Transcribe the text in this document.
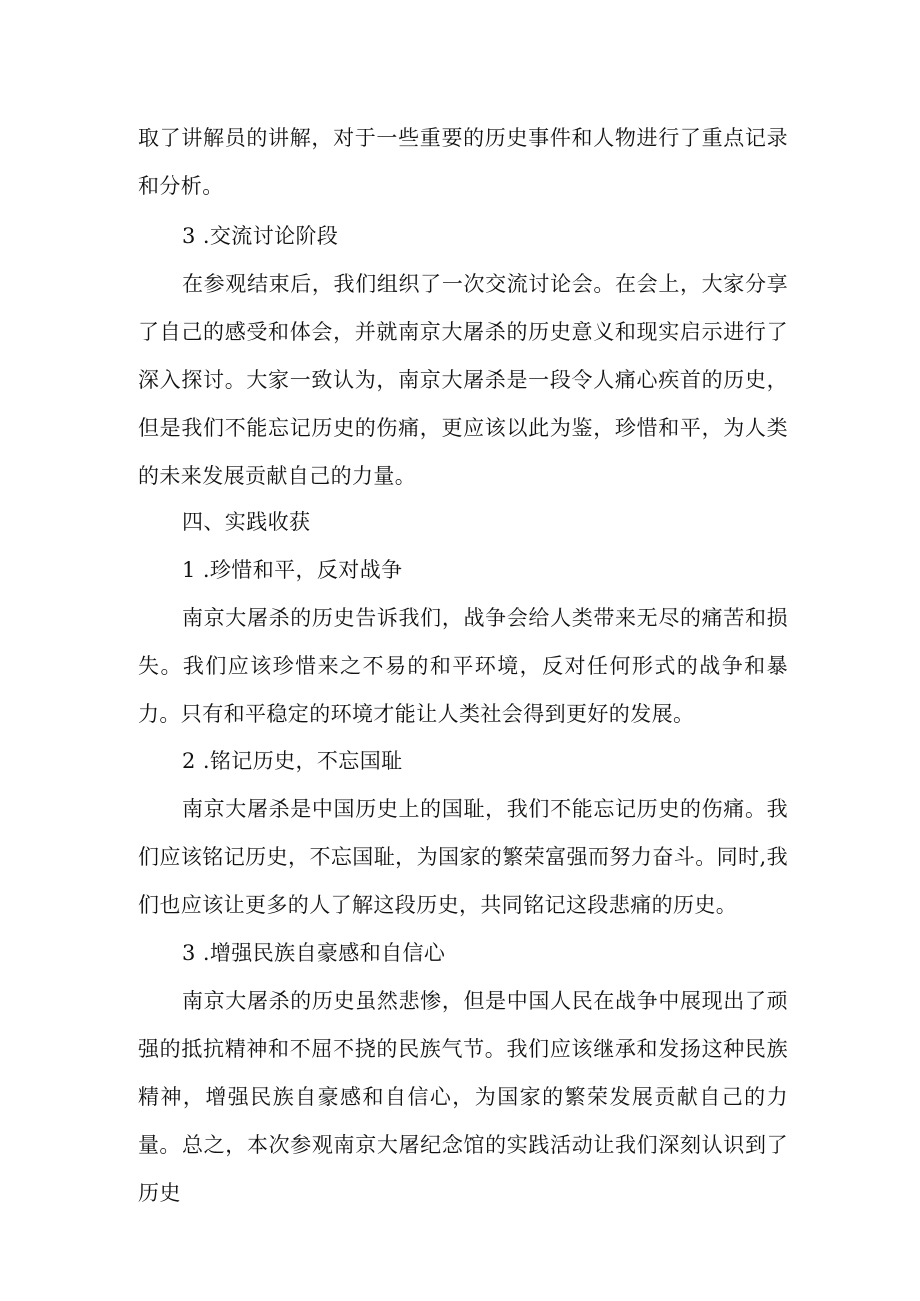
取了讲解员的讲解，对于一些重要的历史事件和人物进行了重点记录和分析。

3 .交流讨论阶段

在参观结束后，我们组织了一次交流讨论会。在会上，大家分享了自己的感受和体会，并就南京大屠杀的历史意义和现实启示进行了深入探讨。大家一致认为，南京大屠杀是一段令人痛心疾首的历史，但是我们不能忘记历史的伤痛，更应该以此为鉴，珍惜和平，为人类的未来发展贡献自己的力量。

四、实践收获

1 .珍惜和平，反对战争

南京大屠杀的历史告诉我们，战争会给人类带来无尽的痛苦和损失。我们应该珍惜来之不易的和平环境，反对任何形式的战争和暴力。只有和平稳定的环境才能让人类社会得到更好的发展。

2 .铭记历史，不忘国耻

南京大屠杀是中国历史上的国耻，我们不能忘记历史的伤痛。我们应该铭记历史，不忘国耻，为国家的繁荣富强而努力奋斗。同时,我们也应该让更多的人了解这段历史，共同铭记这段悲痛的历史。

3 .增强民族自豪感和自信心

南京大屠杀的历史虽然悲惨，但是中国人民在战争中展现出了顽强的抵抗精神和不屈不挠的民族气节。我们应该继承和发扬这种民族精神，增强民族自豪感和自信心，为国家的繁荣发展贡献自己的力量。 总之，本次参观南京大屠纪念馆的实践活动让我们深刻认识到了历史
